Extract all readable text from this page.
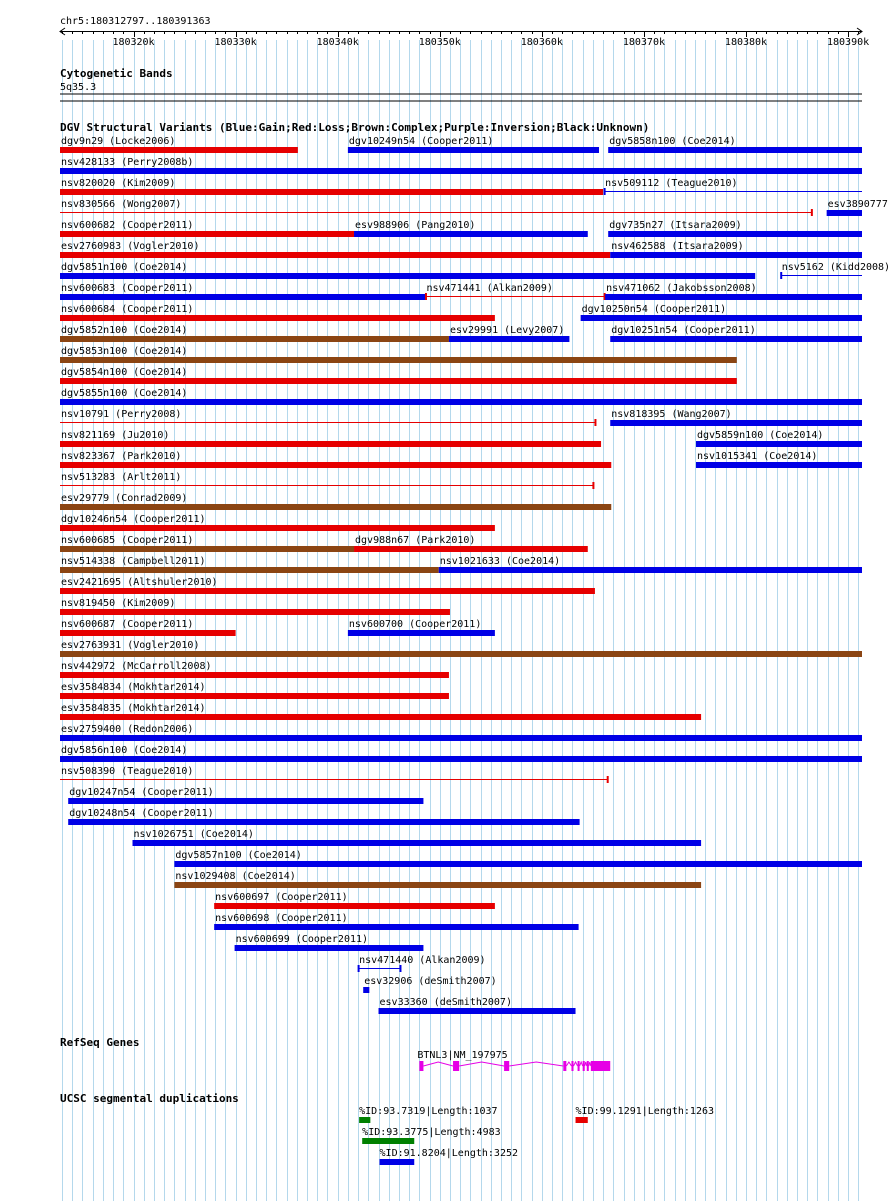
chr5:180312797..180391363
180320k	180330k	180340k	180350k	180360k	180370k	180380k	180390k
Cytogenetic Bands
5q35.3
DGV Structural Variants (Blue:Gain;Red:Loss;Brown:Complex;Purple:Inversion;Black:Unknown)
dgv9n29 (Locke2006)	dgv10249n54 (Cooper2011)	dgv5858n100 (Coe2014)
nsv428133 (Perry2008b)
nsv820020 (Kim2009)	nsv509112 (Teague2010)
nsv830566 (Wong2007)	esv3890777
nsv600682 (Cooper2011)	esv988906 (Pang2010)	dgv735n27 (Itsara2009)
esv2760983 (Vogler2010)	nsv462588 (Itsara2009)
dgv5851n100 (Coe2014)	nsv5162 (Kidd2008)
nsv600683 (Cooper2011)	nsv471441 (Alkan2009)	nsv471062 (Jakobsson2008)
nsv600684 (Cooper2011)	dgv10250n54 (Cooper2011)
dgv5852n100 (Coe2014)	esv29991 (Levy2007)	dgv10251n54 (Cooper2011)
dgv5853n100 (Coe2014)
dgv5854n100 (Coe2014)
dgv5855n100 (Coe2014)
nsv10791 (Perry2008)	nsv818395 (Wang2007)
nsv821169 (Ju2010)	dgv5859n100 (Coe2014)
nsv823367 (Park2010)	nsv1015341 (Coe2014)
nsv513283 (Arlt2011)
esv29779 (Conrad2009)
dgv10246n54 (Cooper2011)
nsv600685 (Cooper2011)	dgv988n67 (Park2010)
nsv514338 (Campbell2011)	nsv1021633 (Coe2014)
esv2421695 (Altshuler2010)
nsv819450 (Kim2009)
nsv600687 (Cooper2011)	nsv600700 (Cooper2011)
esv2763931 (Vogler2010)
nsv442972 (McCarroll2008)
esv3584834 (Mokhtar2014)
esv3584835 (Mokhtar2014)
esv2759400 (Redon2006)
dgv5856n100 (Coe2014)
nsv508390 (Teague2010)
dgv10247n54 (Cooper2011)
dgv10248n54 (Cooper2011)
nsv1026751 (Coe2014)
dgv5857n100 (Coe2014)
nsv1029408 (Coe2014)
nsv600697 (Cooper2011)
nsv600698 (Cooper2011)
nsv600699 (Cooper2011)
nsv471440 (Alkan2009)
esv32906 (deSmith2007)
esv33360 (deSmith2007)
RefSeq Genes
BTNL3|NM_197975
UCSC segmental duplications
%ID:93.7319|Length:1037	%ID:99.1291|Length:1263
%ID:93.3775|Length:4983
%ID:91.8204|Length:3252
